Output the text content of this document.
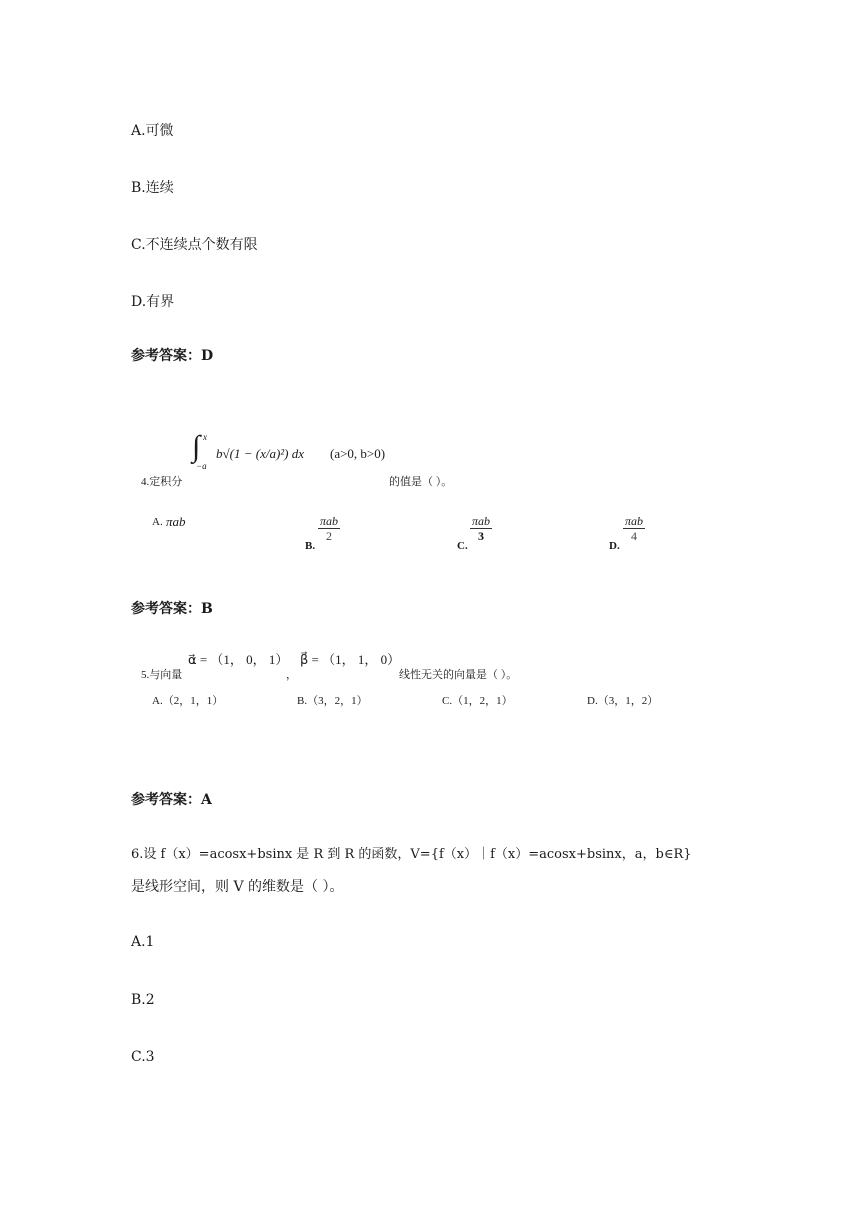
A.可微
B.连续
C.不连续点个数有限
D.有界
参考答案：D
∫ x
−a
b√(1 − (x/a)²) dx (a>0, b>0)
4.定积分	的值是（ ）。
A. πab
B.
πab
2
C.
πab
3
D.
πab
4
参考答案：B
5.与向量
α⃗ = （1， 0， 1）
，
β⃗ = （1， 1， 0）
线性无关的向量是（ ）。
A.（2，1，1）	B.（3，2，1）	C.（1，2，1）	D.（3，1，2）
参考答案：A
6.设 f（x）=acosx+bsinx 是 R 到 R 的函数，V={f（x）｜f（x）=acosx+bsinx，a，b∈R}
是线形空间，则 V 的维数是（ ）。
A.1
B.2
C.3
